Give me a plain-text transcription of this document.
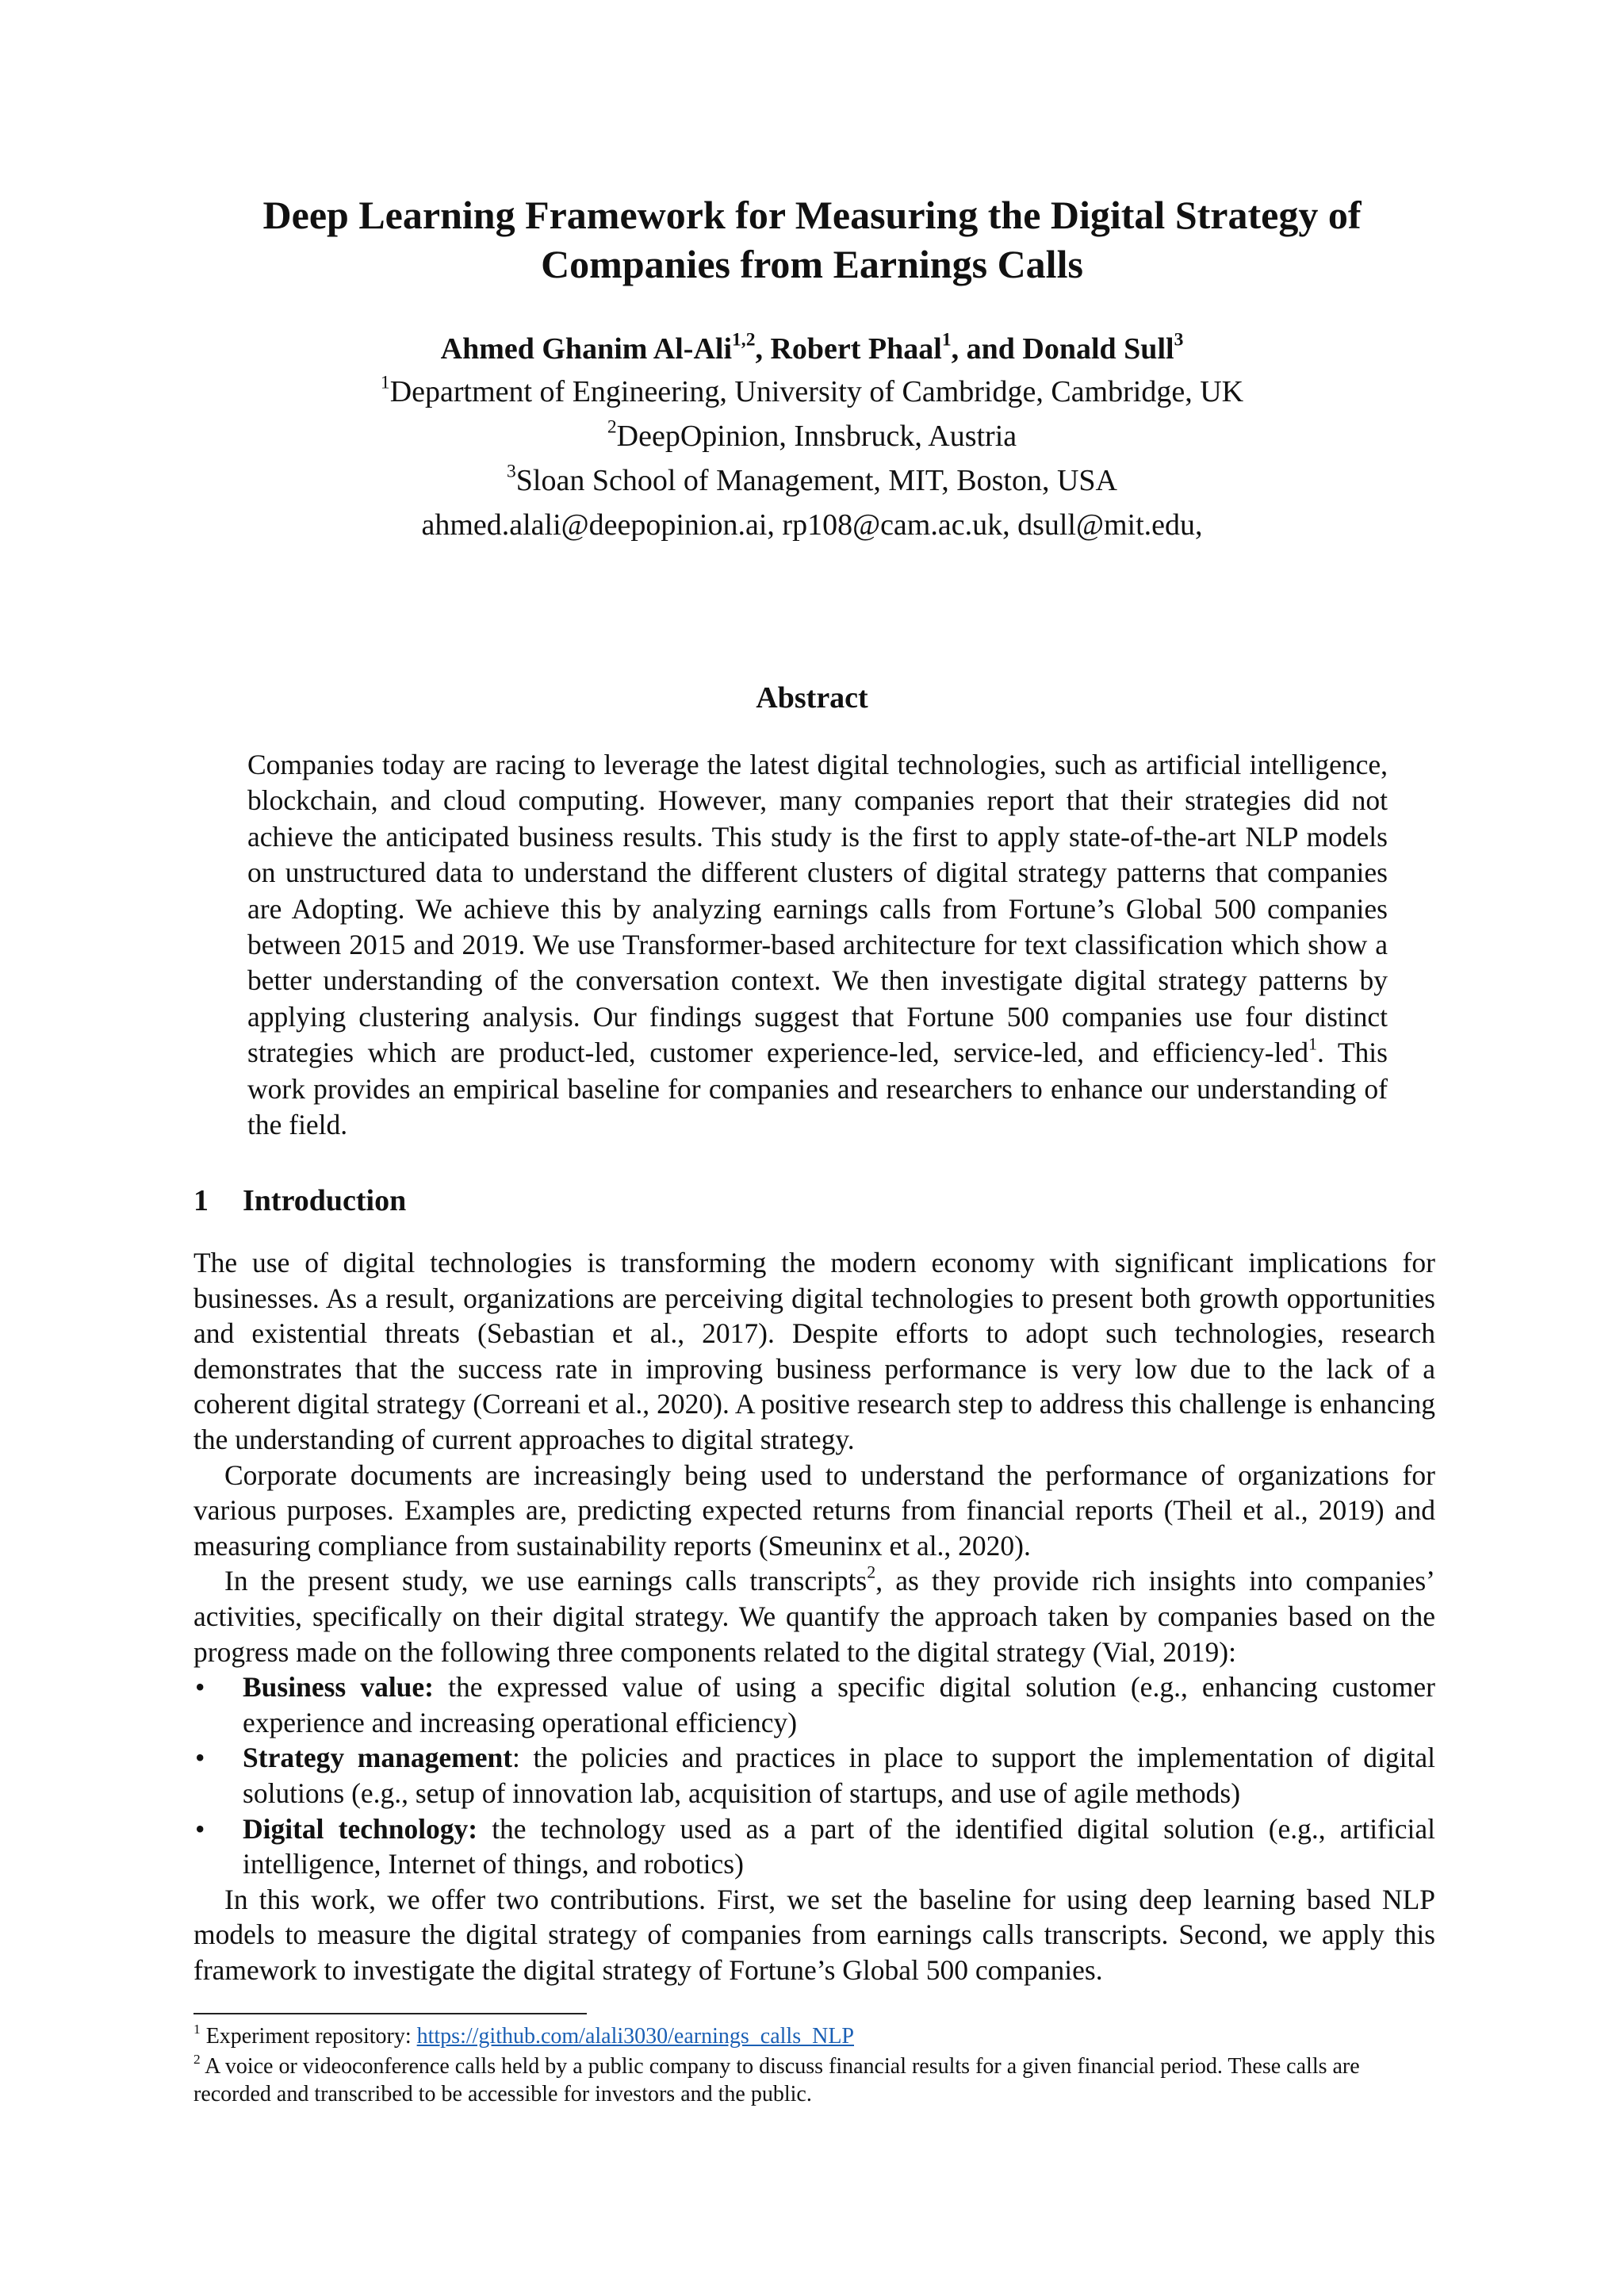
Deep Learning Framework for Measuring the Digital Strategy of
Companies from Earnings Calls
Ahmed Ghanim Al-Ali$^{1,2}$, Robert Phaal$^1$, and Donald Sull$^3$
$^1$Department of Engineering, University of Cambridge, Cambridge, UK
$^2$DeepOpinion, Innsbruck, Austria
$^3$Sloan School of Management, MIT, Boston, USA
ahmed.alali@deepopinion.ai, rp108@cam.ac.uk, dsull@mit.edu,
Abstract
Companies today are racing to leverage the latest digital technologies, such as artificial intelligence, blockchain, and cloud computing. However, many companies report that their strategies did not achieve the anticipated business results. This study is the first to apply state-of-the-art NLP models on unstructured data to understand the different clusters of digital strategy patterns that companies are Adopting. We achieve this by analyzing earnings calls from Fortune’s Global 500 companies between 2015 and 2019. We use Transformer-based architecture for text classification which show a better understanding of the conversation context. We then investigate digital strategy patterns by applying clustering analysis. Our findings suggest that Fortune 500 companies use four distinct strategies which are product-led, customer experience-led, service-led, and efficiency-led$^1$. This work provides an empirical baseline for companies and researchers to enhance our understanding of the field.
1 Introduction

The use of digital technologies is transforming the modern economy with significant implications for businesses. As a result, organizations are perceiving digital technologies to present both growth opportunities and existential threats (Sebastian et al., 2017). Despite efforts to adopt such technologies, research demonstrates that the success rate in improving business performance is very low due to the lack of a coherent digital strategy (Correani et al., 2020). A positive research step to address this challenge is enhancing the understanding of current approaches to digital strategy.

Corporate documents are increasingly being used to understand the performance of organizations for various purposes. Examples are, predicting expected returns from financial reports (Theil et al., 2019) and measuring compliance from sustainability reports (Smeuninx et al., 2020).

In the present study, we use earnings calls transcripts$^2$, as they provide rich insights into companies’ activities, specifically on their digital strategy. We quantify the approach taken by companies based on the progress made on the following three components related to the digital strategy (Vial, 2019):

• Business value: the expressed value of using a specific digital solution (e.g., enhancing customer experience and increasing operational efficiency)
• Strategy management: the policies and practices in place to support the implementation of digital solutions (e.g., setup of innovation lab, acquisition of startups, and use of agile methods)
• Digital technology: the technology used as a part of the identified digital solution (e.g., artificial intelligence, Internet of things, and robotics)

In this work, we offer two contributions. First, we set the baseline for using deep learning based NLP models to measure the digital strategy of companies from earnings calls transcripts. Second, we apply this framework to investigate the digital strategy of Fortune’s Global 500 companies.

$^1$ Experiment repository: https://github.com/alali3030/earnings_calls_NLP
$^2$ A voice or videoconference calls held by a public company to discuss financial results for a given financial period. These calls are recorded and transcribed to be accessible for investors and the public.
